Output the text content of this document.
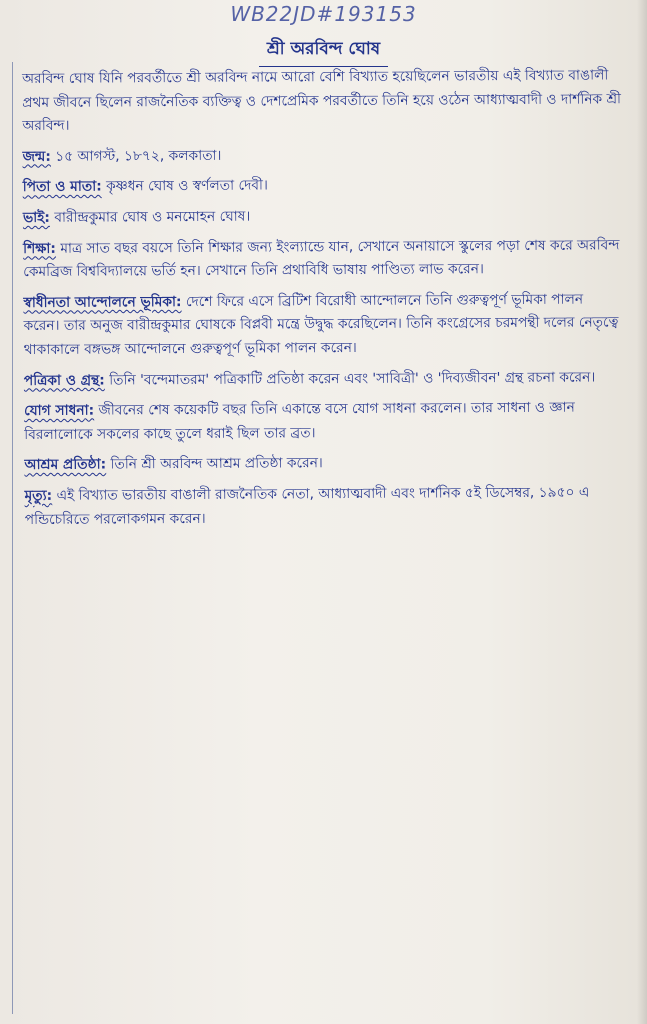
WB22JD#193153
শ্রী অরবিন্দ ঘোষ

অরবিন্দ ঘোষ যিনি পরবর্তীতে শ্রী অরবিন্দ নামে আরো বেশি বিখ্যাত হয়েছিলেন ভারতীয় এই বিখ্যাত বাঙালী প্রথম জীবনে ছিলেন রাজনৈতিক ব্যক্তিত্ব ও দেশপ্রেমিক পরবর্তীতে তিনি হয়ে ওঠেন আধ্যাত্মবাদী ও দার্শনিক শ্রী অরবিন্দ।

জন্ম: ১৫ আগস্ট, ১৮৭২, কলকাতা।

পিতা ও মাতা: কৃষ্ণধন ঘোষ ও স্বর্ণলতা দেবী।

ভাই: বারীন্দ্রকুমার ঘোষ ও মনমোহন ঘোষ।

শিক্ষা: মাত্র সাত বছর বয়সে তিনি শিক্ষার জন্য ইংল্যান্ডে যান, সেখানে অনায়াসে স্কুলের পড়া শেষ করে অরবিন্দ কেমব্রিজ বিশ্ববিদ্যালয়ে ভর্তি হন। সেখানে তিনি প্রথাবিধি ভাষায় পাণ্ডিত্য লাভ করেন।

স্বাধীনতা আন্দোলনে ভূমিকা: দেশে ফিরে এসে ব্রিটিশ বিরোধী আন্দোলনে তিনি গুরুত্বপূর্ণ ভূমিকা পালন করেন। তার অনুজ বারীন্দ্রকুমার ঘোষকে বিপ্লবী মন্ত্রে উদ্বুদ্ধ করেছিলেন। তিনি কংগ্রেসের চরমপন্থী দলের নেতৃত্বে থাকাকালে বঙ্গভঙ্গ আন্দোলনে গুরুত্বপূর্ণ ভূমিকা পালন করেন।

পত্রিকা ও গ্রন্থ: তিনি 'বন্দেমাতরম' পত্রিকাটি প্রতিষ্ঠা করেন এবং 'সাবিত্রী' ও 'দিব্যজীবন' গ্রন্থ রচনা করেন।

যোগ সাধনা: জীবনের শেষ কয়েকটি বছর তিনি একান্তে বসে যোগ সাধনা করলেন। তার সাধনা ও জ্ঞান বিরলালোকে সকলের কাছে তুলে ধরাই ছিল তার ব্রত।

আশ্রম প্রতিষ্ঠা: তিনি শ্রী অরবিন্দ আশ্রম প্রতিষ্ঠা করেন।

মৃত্যু: এই বিখ্যাত ভারতীয় বাঙালী রাজনৈতিক নেতা, আধ্যাত্মবাদী এবং দার্শনিক ৫ই ডিসেম্বর, ১৯৫০ এ পন্ডিচেরিতে পরলোকগমন করেন।
